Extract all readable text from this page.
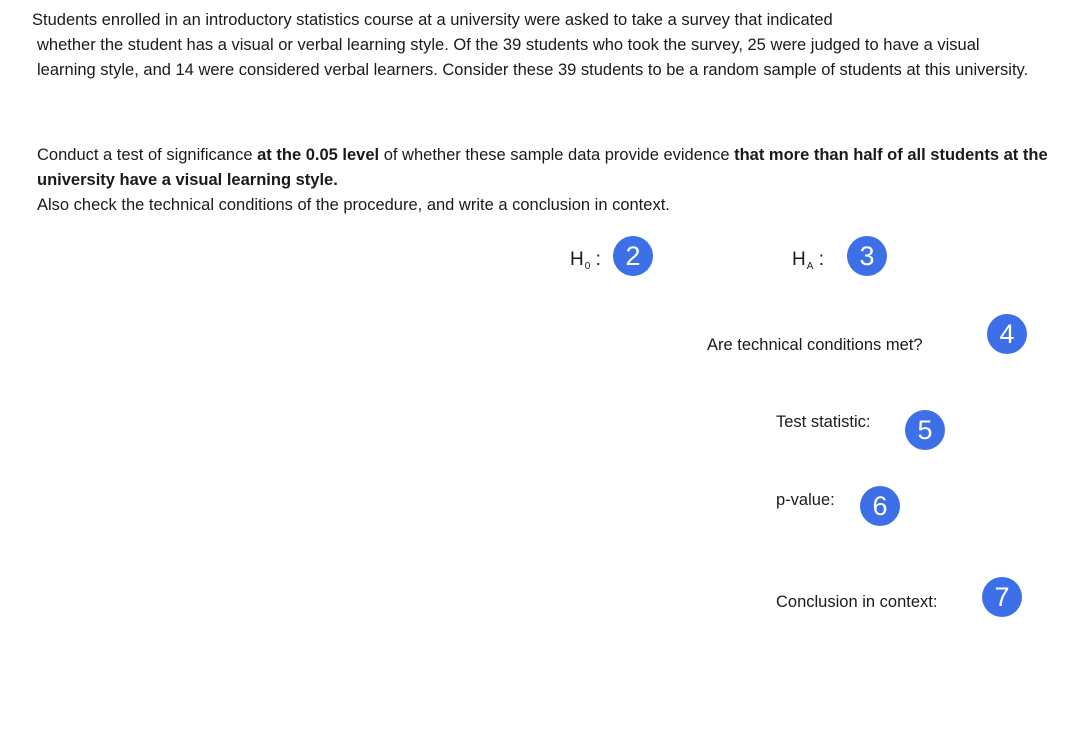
Students enrolled in an introductory statistics course at a university were asked to take a survey that indicated
whether the student has a visual or verbal learning style. Of the 39 students who took the survey, 25 were judged to have a visual learning style, and 14 were considered verbal learners. Consider these 39 students to be a random sample of students at this university.
Conduct a test of significance at the 0.05 level of whether these sample data provide evidence that more than half of all students at the university have a visual learning style.
Also check the technical conditions of the procedure, and write a conclusion in context.
$H_0$ : 2	$H_A$ :	3
Are technical conditions met?	4
Test statistic:	5
p-value:	6
Conclusion in context:	7
